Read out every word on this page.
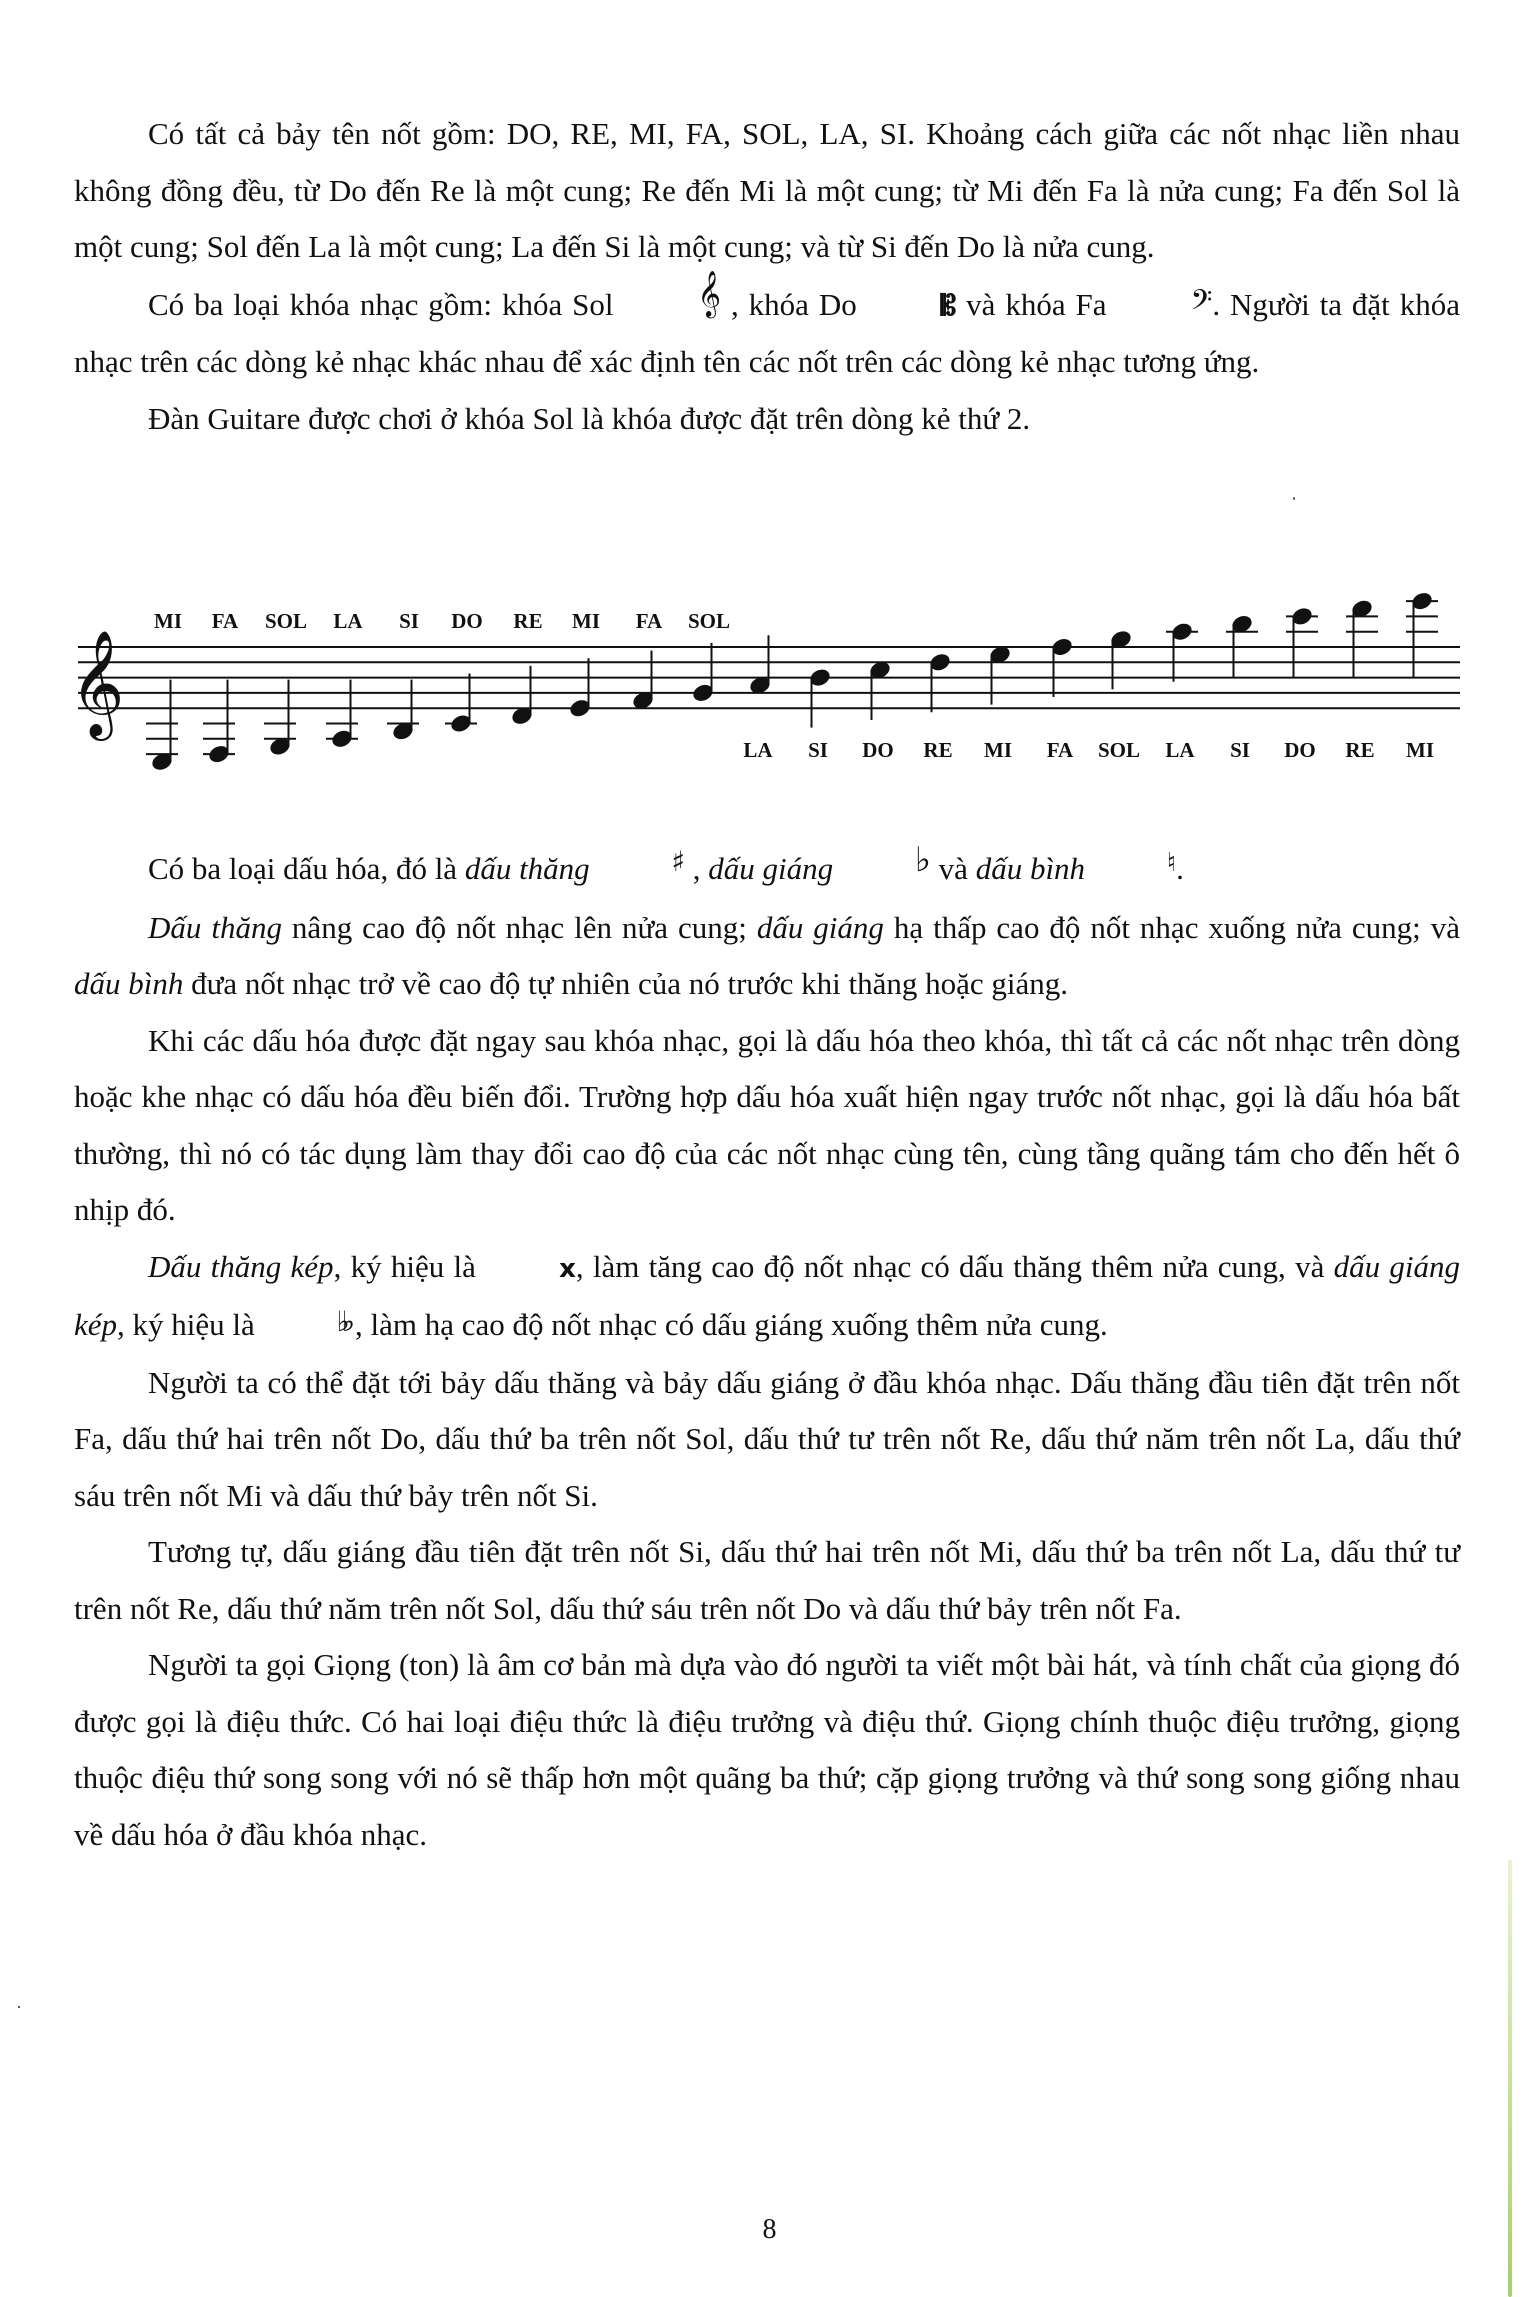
Có tất cả bảy tên nốt gồm: DO, RE, MI, FA, SOL, LA, SI. Khoảng cách giữa các nốt nhạc liền nhau không đồng đều, từ Do đến Re là một cung; Re đến Mi là một cung; từ Mi đến Fa là nửa cung; Fa đến Sol là một cung; Sol đến La là một cung; La đến Si là một cung; và từ Si đến Do là nửa cung.

Có ba loại khóa nhạc gồm: khóa Sol 𝄞 , khóa Do	𝄡 và khóa Fa 𝄢. Người ta đặt khóa nhạc trên các dòng kẻ nhạc khác nhau để xác định tên các nốt trên các dòng kẻ nhạc tương ứng.

Đàn Guitare được chơi ở khóa Sol là khóa được đặt trên dòng kẻ thứ 2.

𝄞
MI FA SOL LA SI DO RE MI FA SOL
LA SI DO RE MI FA SOL LA SI DO RE MI

Có ba loại dấu hóa, đó là dấu thăng	♯ , dấu giáng ♭ và dấu bình	♮.

Dấu thăng nâng cao độ nốt nhạc lên nửa cung; dấu giáng hạ thấp cao độ nốt nhạc xuống nửa cung; và dấu bình đưa nốt nhạc trở về cao độ tự nhiên của nó trước khi thăng hoặc giáng.

Khi các dấu hóa được đặt ngay sau khóa nhạc, gọi là dấu hóa theo khóa, thì tất cả các nốt nhạc trên dòng hoặc khe nhạc có dấu hóa đều biến đổi. Trường hợp dấu hóa xuất hiện ngay trước nốt nhạc, gọi là dấu hóa bất thường, thì nó có tác dụng làm thay đổi cao độ của các nốt nhạc cùng tên, cùng tầng quãng tám cho đến hết ô nhịp đó.

Dấu thăng kép, ký hiệu là	x, làm tăng cao độ nốt nhạc có dấu thăng thêm nửa cung, và dấu giáng kép, ký hiệu là	♭♭ , làm hạ cao độ nốt nhạc có dấu giáng xuống thêm nửa cung.

Người ta có thể đặt tới bảy dấu thăng và bảy dấu giáng ở đầu khóa nhạc. Dấu thăng đầu tiên đặt trên nốt Fa, dấu thứ hai trên nốt Do, dấu thứ ba trên nốt Sol, dấu thứ tư trên nốt Re, dấu thứ năm trên nốt La, dấu thứ sáu trên nốt Mi và dấu thứ bảy trên nốt Si.

Tương tự, dấu giáng đầu tiên đặt trên nốt Si, dấu thứ hai trên nốt Mi, dấu thứ ba trên nốt La, dấu thứ tư trên nốt Re, dấu thứ năm trên nốt Sol, dấu thứ sáu trên nốt Do và dấu thứ bảy trên nốt Fa.

Người ta gọi Giọng (ton) là âm cơ bản mà dựa vào đó người ta viết một bài hát, và tính chất của giọng đó được gọi là điệu thức. Có hai loại điệu thức là điệu trưởng và điệu thứ. Giọng chính thuộc điệu trưởng, giọng thuộc điệu thứ song song với nó sẽ thấp hơn một quãng ba thứ; cặp giọng trưởng và thứ song song giống nhau về dấu hóa ở đầu khóa nhạc.

8
